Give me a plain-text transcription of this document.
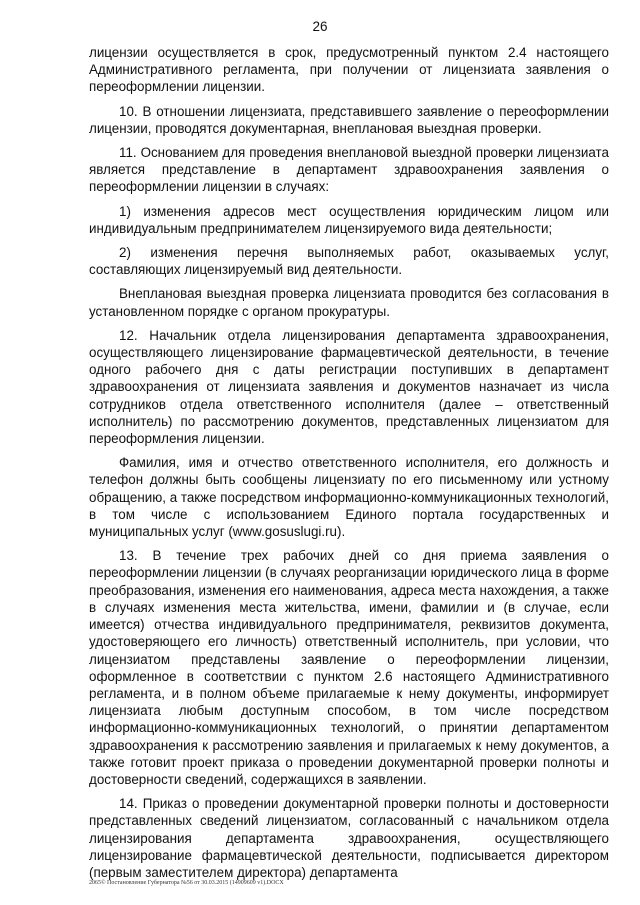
26

лицензии осуществляется в срок, предусмотренный пунктом 2.4 настоящего Административного регламента, при получении от лицензиата заявления о переоформлении лицензии.

10. В отношении лицензиата, представившего заявление о переоформлении лицензии, проводятся документарная, внеплановая выездная проверки.

11. Основанием для проведения внеплановой выездной проверки лицензиата является представление в департамент здравоохранения заявления о переоформлении лицензии в случаях:

1) изменения адресов мест осуществления юридическим лицом или индивидуальным предпринимателем лицензируемого вида деятельности;

2) изменения перечня выполняемых работ, оказываемых услуг, составляющих лицензируемый вид деятельности.

Внеплановая выездная проверка лицензиата проводится без согласования в установленном порядке с органом прокуратуры.

12. Начальник отдела лицензирования департамента здравоохранения, осуществляющего лицензирование фармацевтической деятельности, в течение одного рабочего дня с даты регистрации поступивших в департамент здравоохранения от лицензиата заявления и документов назначает из числа сотрудников отдела ответственного исполнителя (далее – ответственный исполнитель) по рассмотрению документов, представленных лицензиатом для переоформления лицензии.

Фамилия, имя и отчество ответственного исполнителя, его должность и телефон должны быть сообщены лицензиату по его письменному или устному обращению, а также посредством информационно-коммуникационных технологий, в том числе с использованием Единого портала государственных и муниципальных услуг (www.gosuslugi.ru).

13. В течение трех рабочих дней со дня приема заявления о переоформлении лицензии (в случаях реорганизации юридического лица в форме преобразования, изменения его наименования, адреса места нахождения, а также в случаях изменения места жительства, имени, фамилии и (в случае, если имеется) отчества индивидуального предпринимателя, реквизитов документа, удостоверяющего его личность) ответственный исполнитель, при условии, что лицензиатом представлены заявление о переоформлении лицензии, оформленное в соответствии с пунктом 2.6 настоящего Административного регламента, и в полном объеме прилагаемые к нему документы, информирует лицензиата любым доступным способом, в том числе посредством информационно-коммуникационных технологий, о принятии департаментом здравоохранения к рассмотрению заявления и прилагаемых к нему документов, а также готовит проект приказа о проведении документарной проверки полноты и достоверности сведений, содержащихся в заявлении.

14. Приказ о проведении документарной проверки полноты и достоверности представленных сведений лицензиатом, согласованный с начальником отдела лицензирования департамента здравоохранения, осуществляющего лицензирование фармацевтической деятельности, подписывается директором (первым заместителем директора) департамента

2065© Постановление Губернатора №56 от 30.03.2015 (14909609 v1).DOCX
